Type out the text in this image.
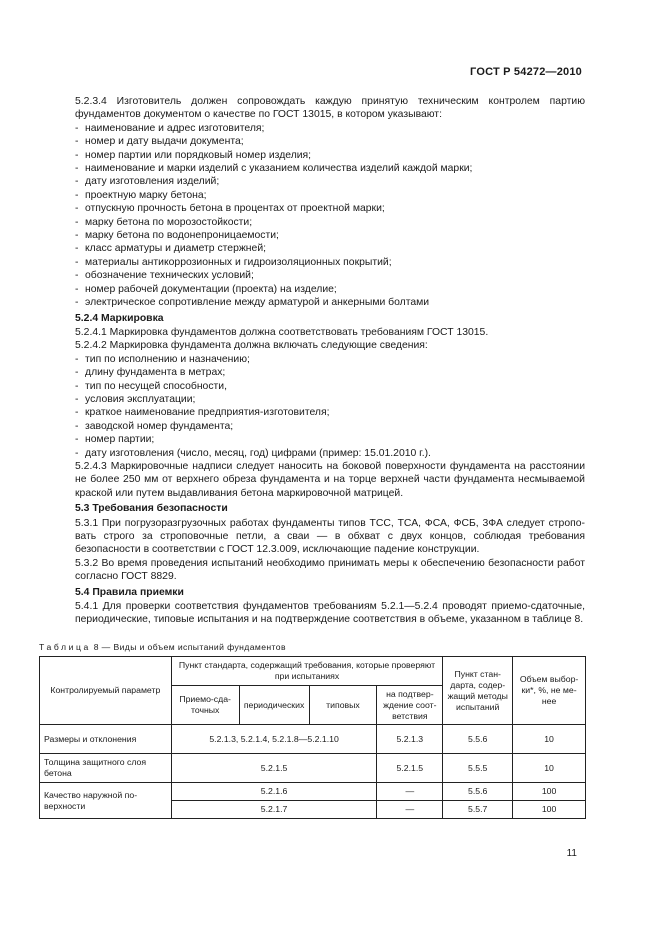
ГОСТ Р 54272—2010

5.2.3.4 Изготовитель должен сопровождать каждую принятую техническим контролем партию фундаментов документом о качестве по ГОСТ 13015, в котором указывают:

- наименование и адрес изготовителя;
- номер и дату выдачи документа;
- номер партии или порядковый номер изделия;
- наименование и марки изделий с указанием количества изделий каждой марки;
- дату изготовления изделий;
- проектную марку бетона;
- отпускную прочность бетона в процентах от проектной марки;
- марку бетона по морозостойкости;
- марку бетона по водонепроницаемости;
- класс арматуры и диаметр стержней;
- материалы антикоррозионных и гидроизоляционных покрытий;
- обозначение технических условий;
- номер рабочей документации (проекта) на изделие;
- электрическое сопротивление между арматурой и анкерными болтами

5.2.4 Маркировка

5.2.4.1 Маркировка фундаментов должна соответствовать требованиям ГОСТ 13015.

5.2.4.2 Маркировка фундамента должна включать следующие сведения:

- тип по исполнению и назначению;
- длину фундамента в метрах;
- тип по несущей способности,
- условия эксплуатации;
- краткое наименование предприятия-изготовителя;
- заводской номер фундамента;
- номер партии;
- дату изготовления (число, месяц, год) цифрами (пример: 15.01.2010 г.).

5.2.4.3 Маркировочные надписи следует наносить на боковой поверхности фундамента на расстоянии не более 250 мм от верхнего обреза фундамента и на торце верхней части фундамента несмываемой краской или путем выдавливания бетона маркировочной матрицей.

5.3 Требования безопасности

5.3.1 При погрузоразгрузочных работах фундаменты типов ТСС, ТСА, ФСА, ФСБ, 3ФА следует строповать строго за строповочные петли, а сваи — в обхват с двух концов, соблюдая требования безопасности в соответствии с ГОСТ 12.3.009, исключающие падение конструкции.

5.3.2 Во время проведения испытаний необходимо принимать меры к обеспечению безопасности работ согласно ГОСТ 8829.

5.4 Правила приемки

5.4.1 Для проверки соответствия фундаментов требованиям 5.2.1—5.2.4 проводят приемо-сдаточные, периодические, типовые испытания и на подтверждение соответствия в объеме, указанном в таблице 8.

Таблица 8 — Виды и объем испытаний фундаментов
Контролируемый параметр	Пункт стандарта, содержащий требования, которые проверяют при испытаниях				Пункт стандарта, содержащий методы испытаний	Объем выборки*, %, не менее
	Приемо-сдаточных	периодических	типовых	на подтверждение соответствия		
Размеры и отклонения	5.2.1.3, 5.2.1.4, 5.2.1.8—5.2.1.10			5.2.1.3	5.5.6	10
Толщина защитного слоя бетона	5.2.1.5			5.2.1.5	5.5.5	10
Качество наружной поверхности	5.2.1.6			—	5.5.6	100
	5.2.1.7			—	5.5.7	100
11
